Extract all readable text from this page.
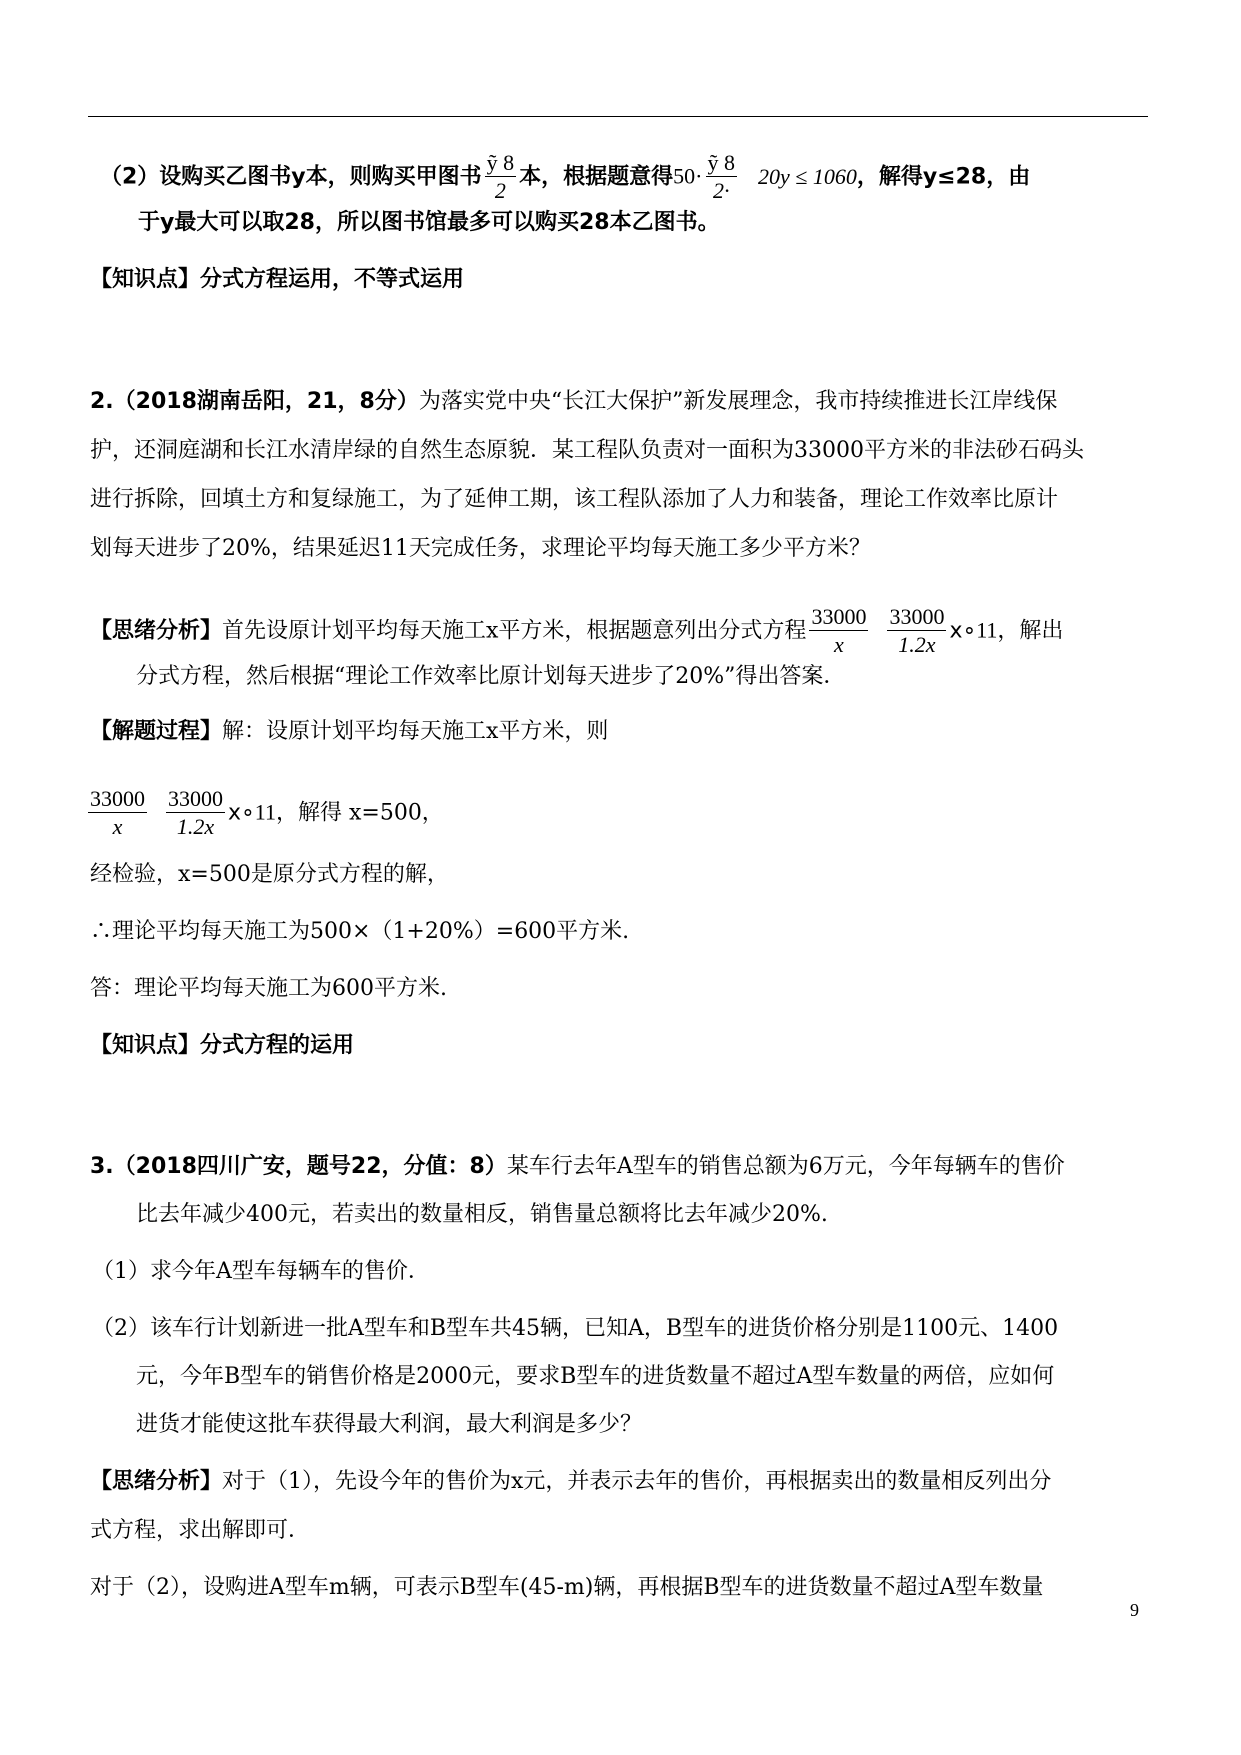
（2）设购买乙图书y本，则购买甲图书 $\frac{\text{ỹ 8}}{2}$ 本，根据题意得$50\cdot \frac{\text{ỹ 8}}{2\cdot} 20y \le 1060$，解得y≤28，由
于y最大可以取28，所以图书馆最多可以购买28本乙图书。
【知识点】分式方程运用，不等式运用
2.（2018湖南岳阳，21，8分）为落实党中央“长江大保护”新发展理念，我市持续推进长江岸线保
护，还洞庭湖和长江水清岸绿的自然生态原貌．某工程队负责对一面积为33000平方米的非法砂石码头
进行拆除，回填土方和复绿施工，为了延伸工期，该工程队添加了人力和装备，理论工作效率比原计
划每天进步了20%，结果延迟11天完成任务，求理论平均每天施工多少平方米？
【思绪分析】首先设原计划平均每天施工x平方米，根据题意列出分式方程 $\frac{33000}{x} \frac{33000}{1.2x}$ ⅹ∘11，解出
分式方程，然后根据“理论工作效率比原计划每天进步了20%”得出答案．
【解题过程】解：设原计划平均每天施工x平方米，则
$\frac{33000}{x} \frac{33000}{1.2x}$ ⅹ∘11，解得 x=500，
经检验，x=500是原分式方程的解，
∴理论平均每天施工为500×（1+20%）=600平方米.
答：理论平均每天施工为600平方米.
【知识点】分式方程的运用
3.（2018四川广安，题号22，分值：8）某车行去年A型车的销售总额为6万元，今年每辆车的售价
比去年减少400元，若卖出的数量相反，销售量总额将比去年减少20%.
（1）求今年A型车每辆车的售价．
（2）该车行计划新进一批A型车和B型车共45辆，已知A，B型车的进货价格分别是1100元、1400
元，今年B型车的销售价格是2000元，要求B型车的进货数量不超过A型车数量的两倍，应如何
进货才能使这批车获得最大利润，最大利润是多少？
【思绪分析】对于（1），先设今年的售价为x元，并表示去年的售价，再根据卖出的数量相反列出分
式方程，求出解即可．
对于（2），设购进A型车m辆，可表示B型车(45-m)辆，再根据B型车的进货数量不超过A型车数量
9
